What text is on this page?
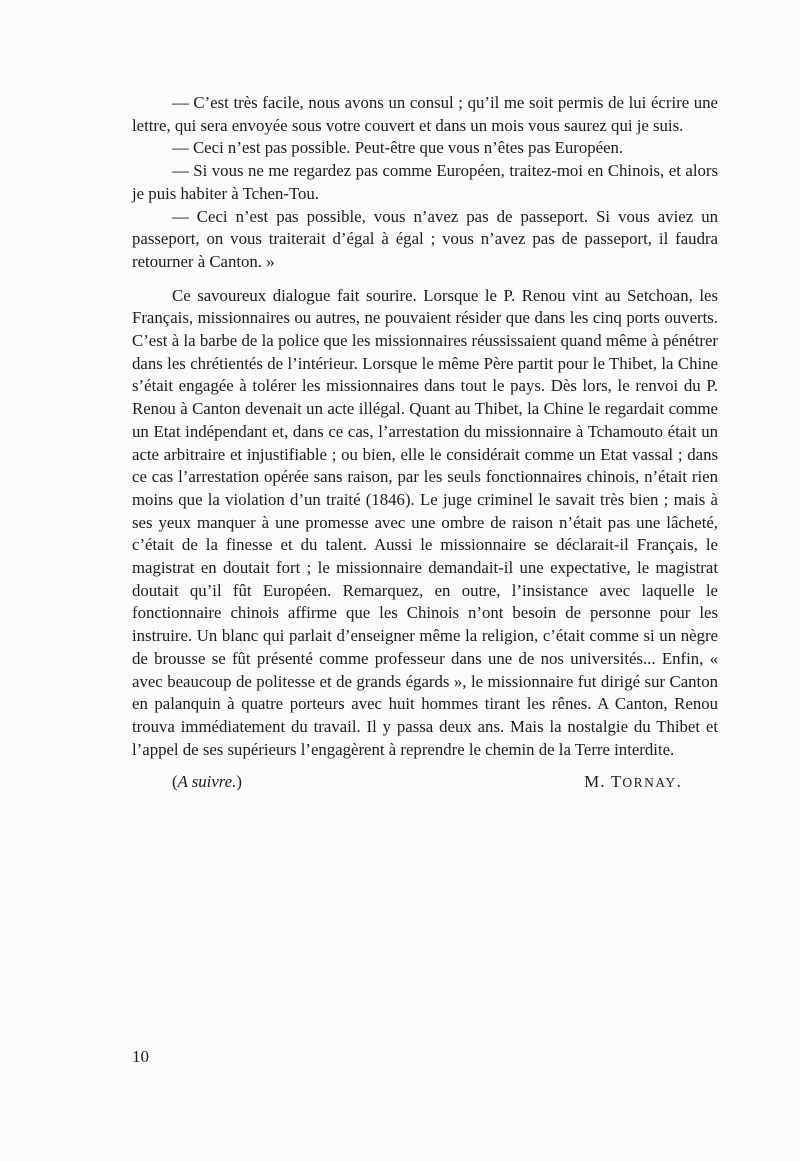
— C’est très facile, nous avons un consul ; qu’il me soit permis de lui écrire une lettre, qui sera envoyée sous votre couvert et dans un mois vous saurez qui je suis.

— Ceci n’est pas possible. Peut-être que vous n’êtes pas Européen.

— Si vous ne me regardez pas comme Européen, traitez-moi en Chinois, et alors je puis habiter à Tchen-Tou.

— Ceci n’est pas possible, vous n’avez pas de passeport. Si vous aviez un passeport, on vous traiterait d’égal à égal ; vous n’avez pas de passeport, il faudra retourner à Canton. »

Ce savoureux dialogue fait sourire. Lorsque le P. Renou vint au Setchoan, les Français, missionnaires ou autres, ne pouvaient résider que dans les cinq ports ouverts. C’est à la barbe de la police que les missionnaires réussissaient quand même à pénétrer dans les chrétientés de l’intérieur. Lorsque le même Père partit pour le Thibet, la Chine s’était engagée à tolérer les missionnaires dans tout le pays. Dès lors, le renvoi du P. Renou à Canton devenait un acte illégal. Quant au Thibet, la Chine le regardait comme un Etat indépendant et, dans ce cas, l’arrestation du missionnaire à Tchamouto était un acte arbitraire et injustifiable ; ou bien, elle le considérait comme un Etat vassal ; dans ce cas l’arrestation opérée sans raison, par les seuls fonctionnaires chinois, n’était rien moins que la violation d’un traité (1846). Le juge criminel le savait très bien ; mais à ses yeux manquer à une promesse avec une ombre de raison n’était pas une lâcheté, c’était de la finesse et du talent. Aussi le missionnaire se déclarait-il Français, le magistrat en doutait fort ; le missionnaire demandait-il une expectative, le magistrat doutait qu’il fût Européen. Remarquez, en outre, l’insistance avec laquelle le fonctionnaire chinois affirme que les Chinois n’ont besoin de personne pour les instruire. Un blanc qui parlait d’enseigner même la religion, c’était comme si un nègre de brousse se fût présenté comme professeur dans une de nos universités... Enfin, « avec beaucoup de politesse et de grands égards », le missionnaire fut dirigé sur Canton en palanquin à quatre porteurs avec huit hommes tirant les rênes. A Canton, Renou trouva immédiatement du travail. Il y passa deux ans. Mais la nostalgie du Thibet et l’appel de ses supérieurs l’engagèrent à reprendre le chemin de la Terre interdite.

(A suivre.)	M. TORNAY.
10
